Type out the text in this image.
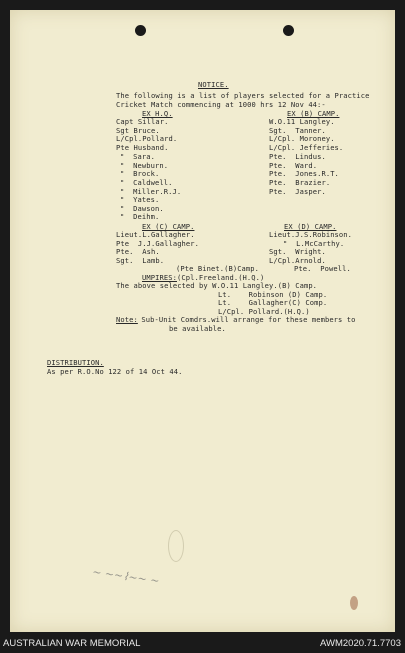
NOTICE.
The following is a list of players selected for a Practice
Cricket Match commencing at 1000 hrs 12 Nov 44:-
EX H.Q.
Capt Sillar.
Sgt Bruce.
L/Cpl.Pollard.
Pte Husband.
"  Sara.
"  Newburn.
"  Brock.
"  Caldwell.
"  Miller.R.J.
"  Yates.
"  Dawson.
"  Deihm.
EX (B) CAMP.
W.O.11 Langley.
Sgt.  Tanner.
L/Cpl. Moroney.
L/Cpl. Jefferies.
Pte.  Lindus.
Pte.  Ward.
Pte.  Jones.R.T.
Pte.  Brazier.
Pte.  Jasper.
EX (C) CAMP.
Lieut.L.Gallagher.
Pte  J.J.Gallagher.
Pte.  Ash.
Sgt.  Lamb.
EX (D) CAMP.
Lieut.J.S.Robinson.
"  L.McCarthy.
Sgt.  Wright.
L/Cpl.Arnold.
Pte.  Powell.
(Pte Binet.(B)Camp.
UMPIRES: (Cpl.Freeland.(H.Q.)
The above selected by W.O.11 Langley.(B) Camp.
Lt.    Robinson (D) Camp.
Lt.    Gallagher(C) Comp.
L/Cpl. Pollard.(H.Q.)
Note: Sub-Unit Comdrs.will arrange for these members to
be available.
DISTRIBUTION.
As per R.O.No 122 of 14 Oct 44.
~ ~~⌇~~ ~
AUSTRALIAN WAR MEMORIAL	AWM2020.71.7703
